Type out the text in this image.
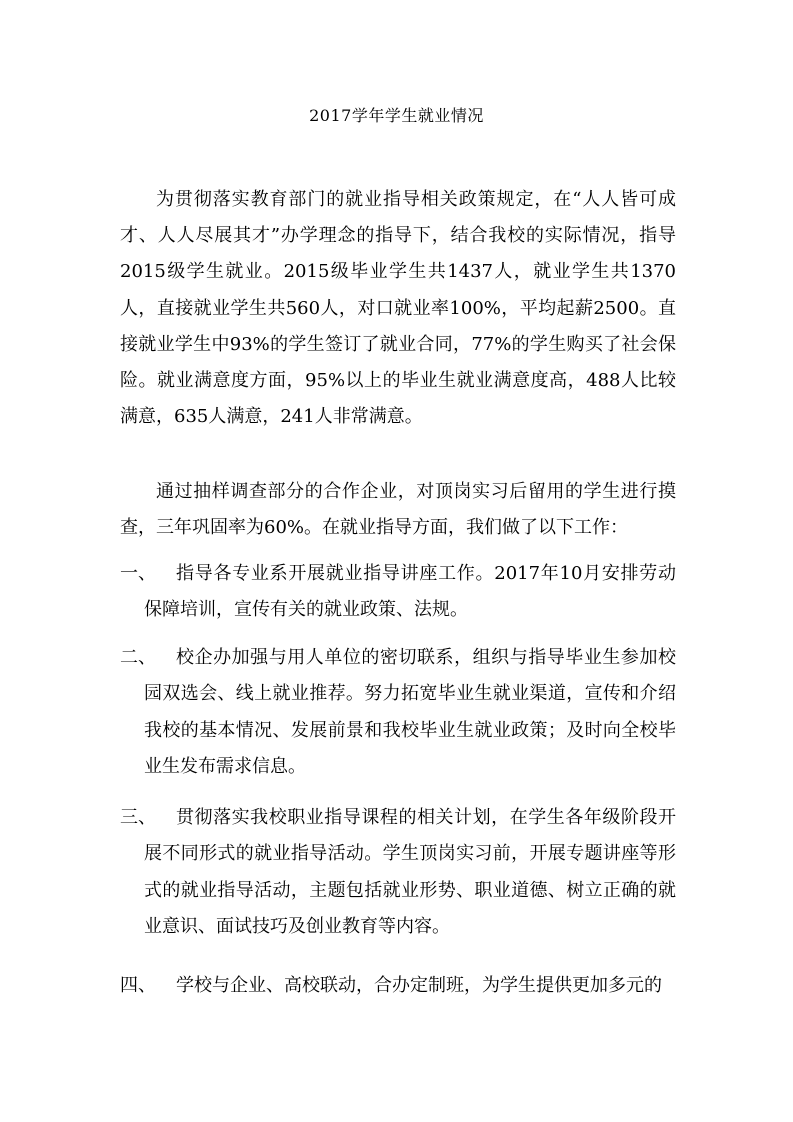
2017学年学生就业情况

为贯彻落实教育部门的就业指导相关政策规定，在“人人皆可成才、人人尽展其才”办学理念的指导下，结合我校的实际情况，指导2015级学生就业。2015级毕业学生共1437人，就业学生共1370人，直接就业学生共560人，对口就业率100%，平均起薪2500。直接就业学生中93%的学生签订了就业合同，77%的学生购买了社会保险。就业满意度方面，95%以上的毕业生就业满意度高，488人比较满意，635人满意，241人非常满意。

通过抽样调查部分的合作企业，对顶岗实习后留用的学生进行摸查，三年巩固率为60%。在就业指导方面，我们做了以下工作：

一、	指导各专业系开展就业指导讲座工作。2017年10月安排劳动保障培训，宣传有关的就业政策、法规。
二、	校企办加强与用人单位的密切联系，组织与指导毕业生参加校园双选会、线上就业推荐。努力拓宽毕业生就业渠道，宣传和介绍我校的基本情况、发展前景和我校毕业生就业政策；及时向全校毕业生发布需求信息。
三、	贯彻落实我校职业指导课程的相关计划，在学生各年级阶段开展不同形式的就业指导活动。学生顶岗实习前，开展专题讲座等形式的就业指导活动，主题包括就业形势、职业道德、树立正确的就业意识、面试技巧及创业教育等内容。
四、	学校与企业、高校联动，合办定制班，为学生提供更加多元的
